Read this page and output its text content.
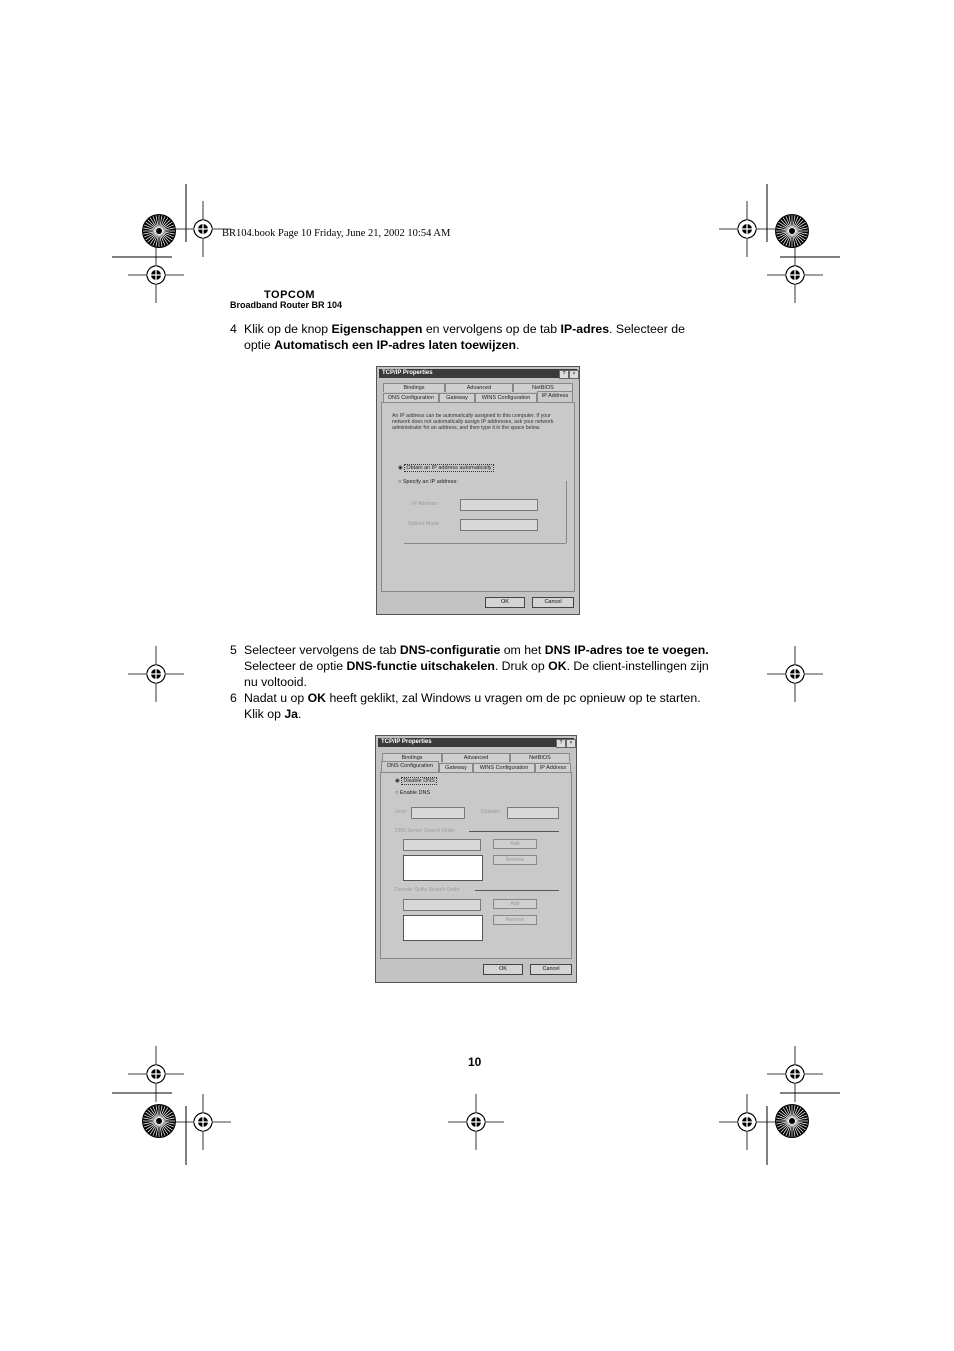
BR104.book Page 10 Friday, June 21, 2002 10:54 AM
TOPCOM
Broadband Router BR 104
4 Klik op de knop Eigenschappen en vervolgens op de tab IP-adres. Selecteer de
optie Automatisch een IP-adres laten toewijzen.
TCP/IP Properties	?	×
Bindings	Advanced	NetBIOS
DNS Configuration	Gateway	WINS Configuration	IP Address
An IP address can be automatically assigned to this computer. If your network does not automatically assign IP addresses, ask your network administrator for an address, and then type it in the space below.
◉ Obtain an IP address automatically
○ Specify an IP address:
IP Address:
Subnet Mask:
OK	Cancel
5 Selecteer vervolgens de tab DNS-configuratie om het DNS IP-adres toe te voegen.
Selecteer de optie DNS-functie uitschakelen. Druk op OK. De client-instellingen zijn
nu voltooid.
6 Nadat u op OK heeft geklikt, zal Windows u vragen om de pc opnieuw op te starten.
Klik op Ja.
TCP/IP Properties	?	×
Bindings	Advanced	NetBIOS
DNS Configuration	Gateway	WINS Configuration	IP Address
◉ Disable DNS
○ Enable DNS
Host:	Domain:
DNS Server Search Order
Add
Remove
Domain Suffix Search Order
Add
Remove
OK	Cancel
10
